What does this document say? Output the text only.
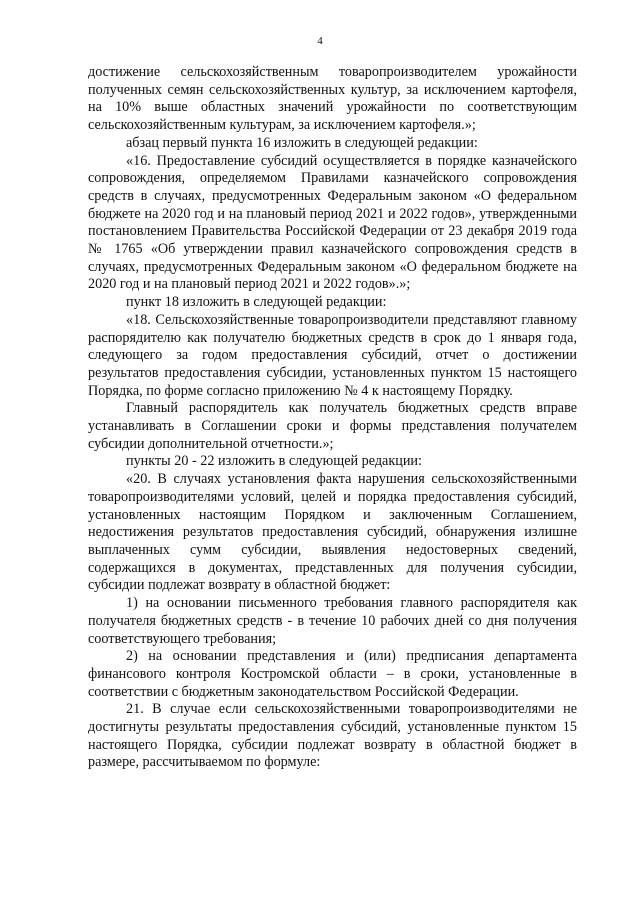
4

достижение сельскохозяйственным товаропроизводителем урожайности полученных семян сельскохозяйственных культур, за исключением картофеля, на 10% выше областных значений урожайности по соответствующим сельскохозяйственным культурам, за исключением картофеля.»;

абзац первый пункта 16 изложить в следующей редакции:

«16. Предоставление субсидий осуществляется в порядке казначейского сопровождения, определяемом Правилами казначейского сопровождения средств в случаях, предусмотренных Федеральным законом «О федеральном бюджете на 2020 год и на плановый период 2021 и 2022 годов», утвержденными постановлением Правительства Российской Федерации от 23 декабря 2019 года № 1765 «Об утверждении правил казначейского сопровождения средств в случаях, предусмотренных Федеральным законом «О федеральном бюджете на 2020 год и на плановый период 2021 и 2022 годов».»;

пункт 18 изложить в следующей редакции:

«18. Сельскохозяйственные товаропроизводители представляют главному распорядителю как получателю бюджетных средств в срок до 1 января года, следующего за годом предоставления субсидий, отчет о достижении результатов предоставления субсидии, установленных пунктом 15 настоящего Порядка, по форме согласно приложению № 4 к настоящему Порядку.

Главный распорядитель как получатель бюджетных средств вправе устанавливать в Соглашении сроки и формы представления получателем субсидии дополнительной отчетности.»;

пункты 20 - 22 изложить в следующей редакции:

«20. В случаях установления факта нарушения сельскохозяйственными товаропроизводителями условий, целей и порядка предоставления субсидий, установленных настоящим Порядком и заключенным Соглашением, недостижения результатов предоставления субсидий, обнаружения излишне выплаченных сумм субсидии, выявления недостоверных сведений, содержащихся в документах, представленных для получения субсидии, субсидии подлежат возврату в областной бюджет:

1) на основании письменного требования главного распорядителя как получателя бюджетных средств - в течение 10 рабочих дней со дня получения соответствующего требования;

2) на основании представления и (или) предписания департамента финансового контроля Костромской области – в сроки, установленные в соответствии с бюджетным законодательством Российской Федерации.

21. В случае если сельскохозяйственными товаропроизводителями не достигнуты результаты предоставления субсидий, установленные пунктом 15 настоящего Порядка, субсидии подлежат возврату в областной бюджет в размере, рассчитываемом по формуле:
